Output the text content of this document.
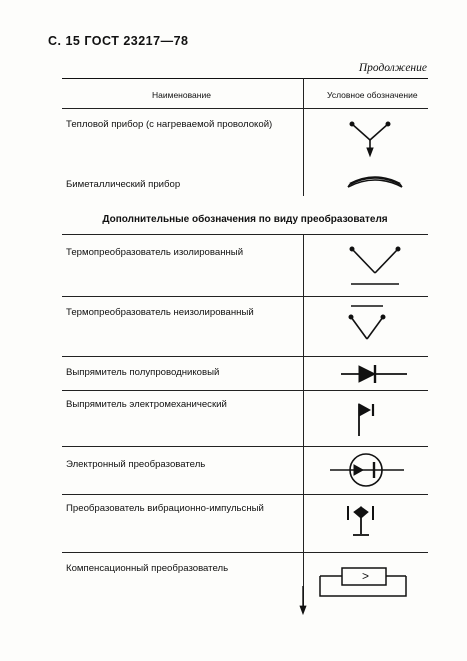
С. 15 ГОСТ 23217—78
Продолжение
Наименование	Условное обозначение
Тепловой прибор (с нагреваемой проволокой)
Биметаллический прибор
Дополнительные обозначения по виду преобразователя
Термопреобразователь изолированный
Термопреобразователь неизолированный
Выпрямитель полупроводниковый
Выпрямитель электромеханический
Электронный преобразователь
Преобразователь вибрационно-импульсный
Компенсационный преобразователь
>
